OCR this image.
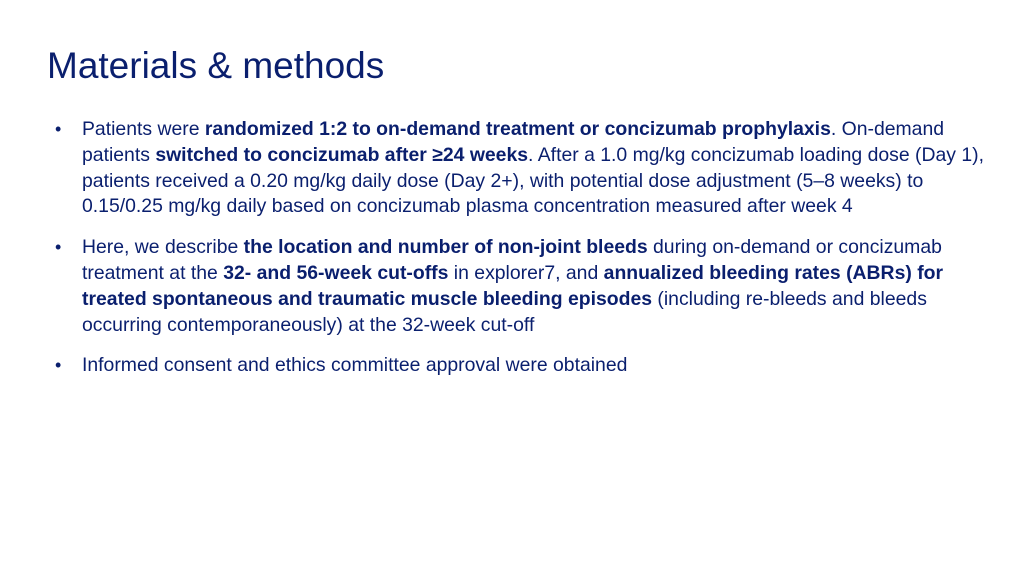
Materials & methods
• Patients were randomized 1:2 to on-demand treatment or concizumab prophylaxis. On-demand patients switched to concizumab after ≥24 weeks. After a 1.0 mg/kg concizumab loading dose (Day 1), patients received a 0.20 mg/kg daily dose (Day 2+), with potential dose adjustment (5–8 weeks) to 0.15/0.25 mg/kg daily based on concizumab plasma concentration measured after week 4
• Here, we describe the location and number of non-joint bleeds during on-demand or concizumab treatment at the 32- and 56-week cut-offs in explorer7, and annualized bleeding rates (ABRs) for treated spontaneous and traumatic muscle bleeding episodes (including re-bleeds and bleeds occurring contemporaneously) at the 32-week cut-off
• Informed consent and ethics committee approval were obtained
